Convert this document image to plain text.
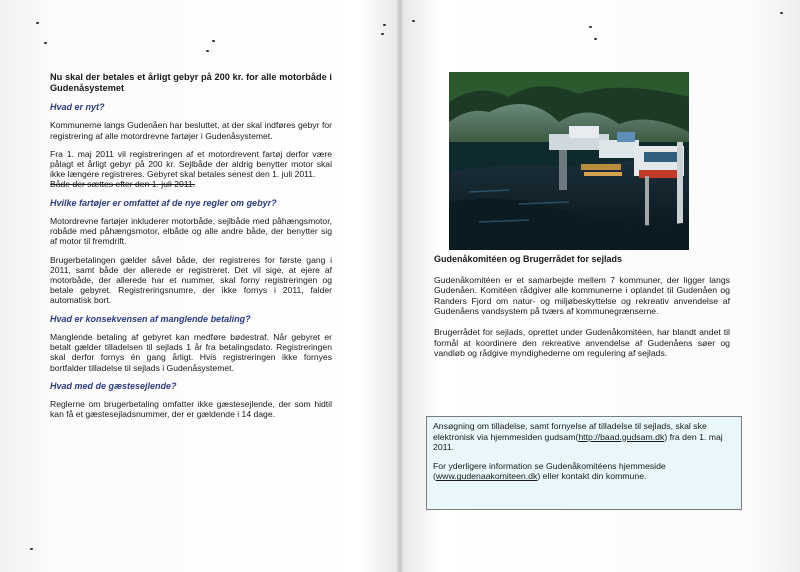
Nu skal der betales et årligt gebyr på 200 kr. for alle motorbåde i Gudenåsystemet

Hvad er nyt?

Kommunerne langs Gudenåen har besluttet, at der skal indføres gebyr for registrering af alle motordrevne fartøjer i Gudenåsystemet.

Fra 1. maj 2011 vil registreringen af et motordrevent fartøj derfor være pålagt et årligt gebyr på 200 kr. Sejlbåde der aldrig benytter motor skal ikke længere registreres. Gebyret skal betales senest den 1. juli 2011.

Både der sættes efter den 1. juli 2011.

Hvilke fartøjer er omfattet af de nye regler om gebyr?

Motordrevne fartøjer inkluderer motorbåde, sejlbåde med påhængsmotor, robåde med påhængsmotor, elbåde og alle andre både, der benytter sig af motor til fremdrift.

Brugerbetalingen gælder såvel både, der registreres for første gang i 2011, samt både der allerede er registreret. Det vil sige, at ejere af motorbåde, der allerede har et nummer, skal forny registreringen og betale gebyret. Registreringsnumre, der ikke fornys i 2011, falder automatisk bort.

Hvad er konsekvensen af manglende betaling?

Manglende betaling af gebyret kan medføre bødestraf. Når gebyret er betalt gælder tilladelsen til sejlads 1 år fra betalingsdato. Registreringen skal derfor fornys én gang årligt. Hvis registreringen ikke fornyes bortfalder tilladelse til sejlads i Gudenåsystemet.

Hvad med de gæstesejlende?

Reglerne om brugerbetaling omfatter ikke gæstesejlende, der som hidtil kan få et gæstesejladsnummer, der er gældende i 14 dage.

Gudenåkomitéen og Brugerrådet for sejlads

Gudenåkomitéen er et samarbejde mellem 7 kommuner, der ligger langs Gudenåen. Komitéen rådgiver alle kommunerne i oplandet til Gudenåen og Randers Fjord om natur- og miljøbeskyttelse og rekreativ anvendelse af Gudenåens vandsystem på tværs af kommunegrænserne.

Brugerrådet for sejlads, oprettet under Gudenåkomitéen, har blandt andet til formål at koordinere den rekreative anvendelse af Gudenåens søer og vandløb og rådgive myndighederne om regulering af sejlads.

Ansøgning om tilladelse, samt fornyelse af tilladelse til sejlads, skal ske elektronisk via hjemmesiden gudsam(http://baad.gudsam.dk) fra den 1. maj 2011.

For yderligere information se Gudenåkomitéens hjemmeside (www.gudenaakomiteen.dk) eller kontakt din kommune.
